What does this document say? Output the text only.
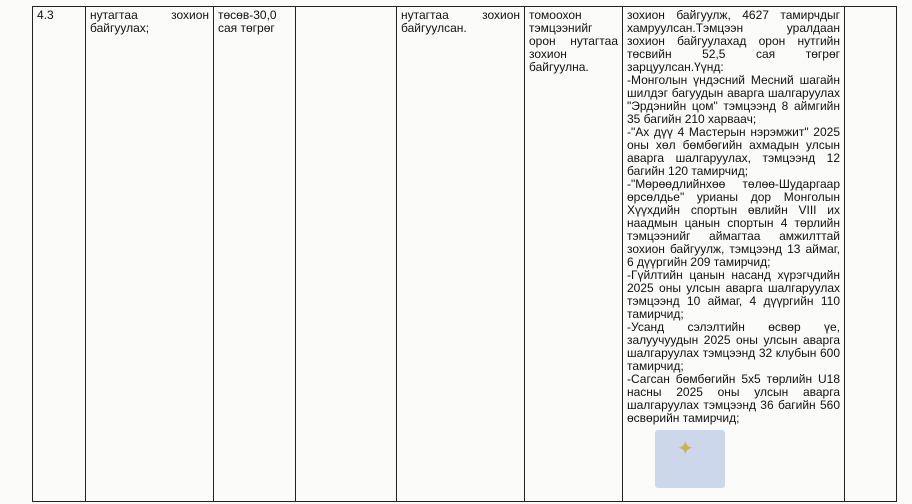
4.3	нутагтаа зохион байгуулах;	төсөв-30,0 сая төгрөг		нутагтаа зохион байгуулсан.	томоохон тэмцээнийг орон нутагтаа зохион байгуулна.	

зохион байгуулж, 4627 тамирчдыг хамруулсан.Тэмцээн уралдаан зохион байгуулахад орон нутгийн төсвийн 52,5 сая төгрөг зарцуулсан.Үүнд:

-Монголын үндэсний Месний шагайн шилдэг багуудын аварга шалгаруулах "Эрдэнийн цом" тэмцээнд 8 аймгийн 35 багийн 210 харваач;

-"Ах дүү 4 Мастерын нэрэмжит" 2025 оны хөл бөмбөгийн ахмадын улсын аварга шалгаруулах, тэмцээнд 12 багийн 120 тамирчид;

-"Мөрөөдлийнхөө төлөө-Шударгаар өрсөлдье" урианы дор Монголын Хүүхдийн спортын өвлийн VIII их наадмын цанын спортын 4 төрлийн тэмцээнийг аймагтаа амжилттай зохион байгуулж, тэмцээнд 13 аймаг, 6 дүүргийн 209 тамирчид;

-Гүйлтийн цанын насанд хүрэгчдийн 2025 оны улсын аварга шалгаруулах тэмцээнд 10 аймаг, 4 дүүргийн 110 тамирчид;

-Усанд сэлэлтийн өсвөр үе, залуучуудын 2025 оны улсын аварга шалгаруулах тэмцээнд 32 клубын 600 тамирчид;

-Сагсан бөмбөгийн 5х5 төрлийн U18 насны 2025 оны улсын аварга шалгаруулах тэмцээнд 36 багийн 560 өсвөрийн тамирчид;

✦
